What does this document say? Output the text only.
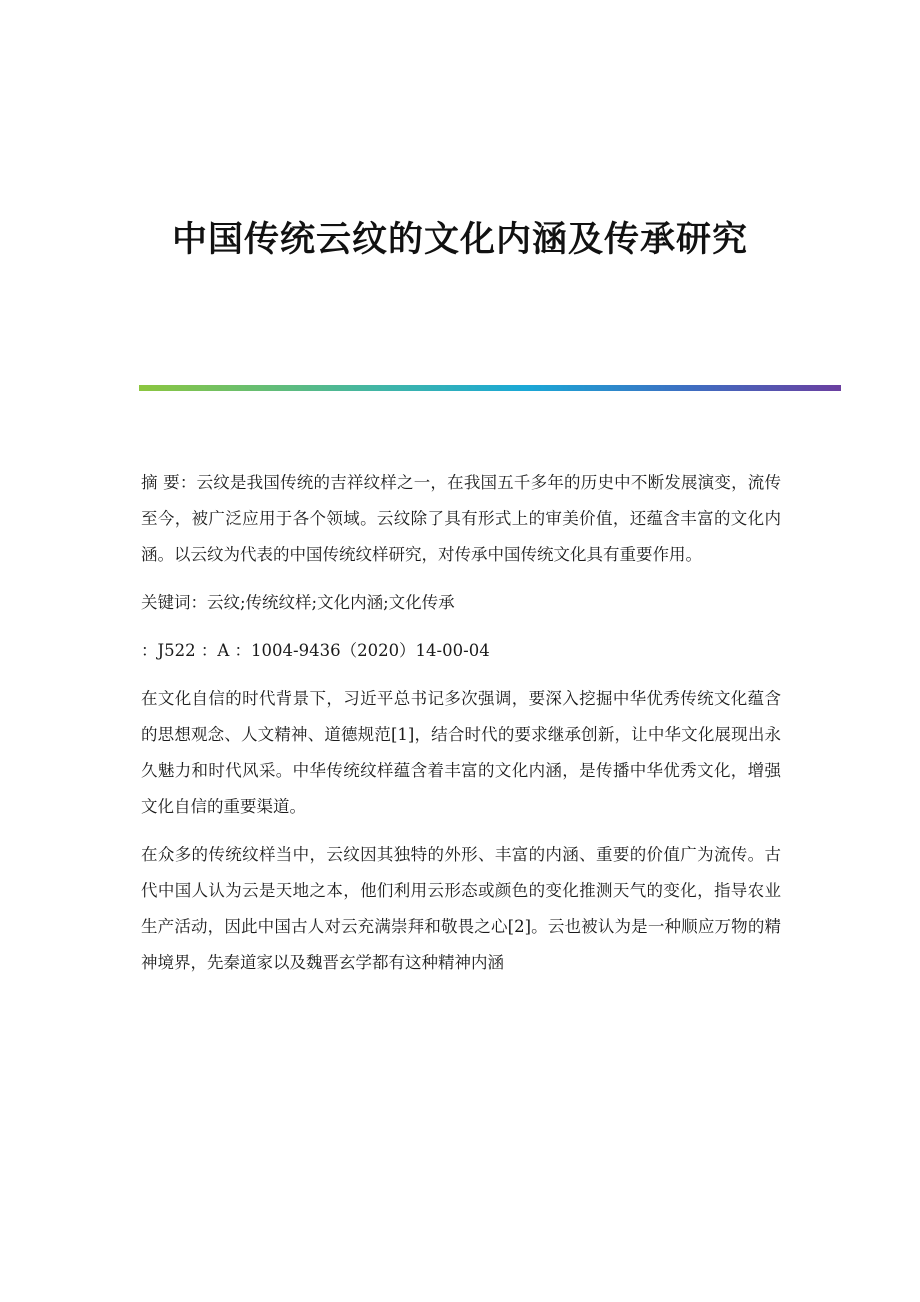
中国传统云纹的文化内涵及传承研究

摘 要：云纹是我国传统的吉祥纹样之一，在我国五千多年的历史中不断发展演变，流传至今，被广泛应用于各个领域。云纹除了具有形式上的审美价值，还蕴含丰富的文化内涵。以云纹为代表的中国传统纹样研究，对传承中国传统文化具有重要作用。

关键词：云纹;传统纹样;文化内涵;文化传承

：J522 ：A ：1004-9436（2020）14-00-04

在文化自信的时代背景下，习近平总书记多次强调，要深入挖掘中华优秀传统文化蕴含的思想观念、人文精神、道德规范[1]，结合时代的要求继承创新，让中华文化展现出永久魅力和时代风采。中华传统纹样蕴含着丰富的文化内涵，是传播中华优秀文化，增强文化自信的重要渠道。

在众多的传统纹样当中，云纹因其独特的外形、丰富的内涵、重要的价值广为流传。古代中国人认为云是天地之本，他们利用云形态或颜色的变化推测天气的变化，指导农业生产活动，因此中国古人对云充满崇拜和敬畏之心[2]。云也被认为是一种顺应万物的精神境界，先秦道家以及魏晋玄学都有这种精神内涵
